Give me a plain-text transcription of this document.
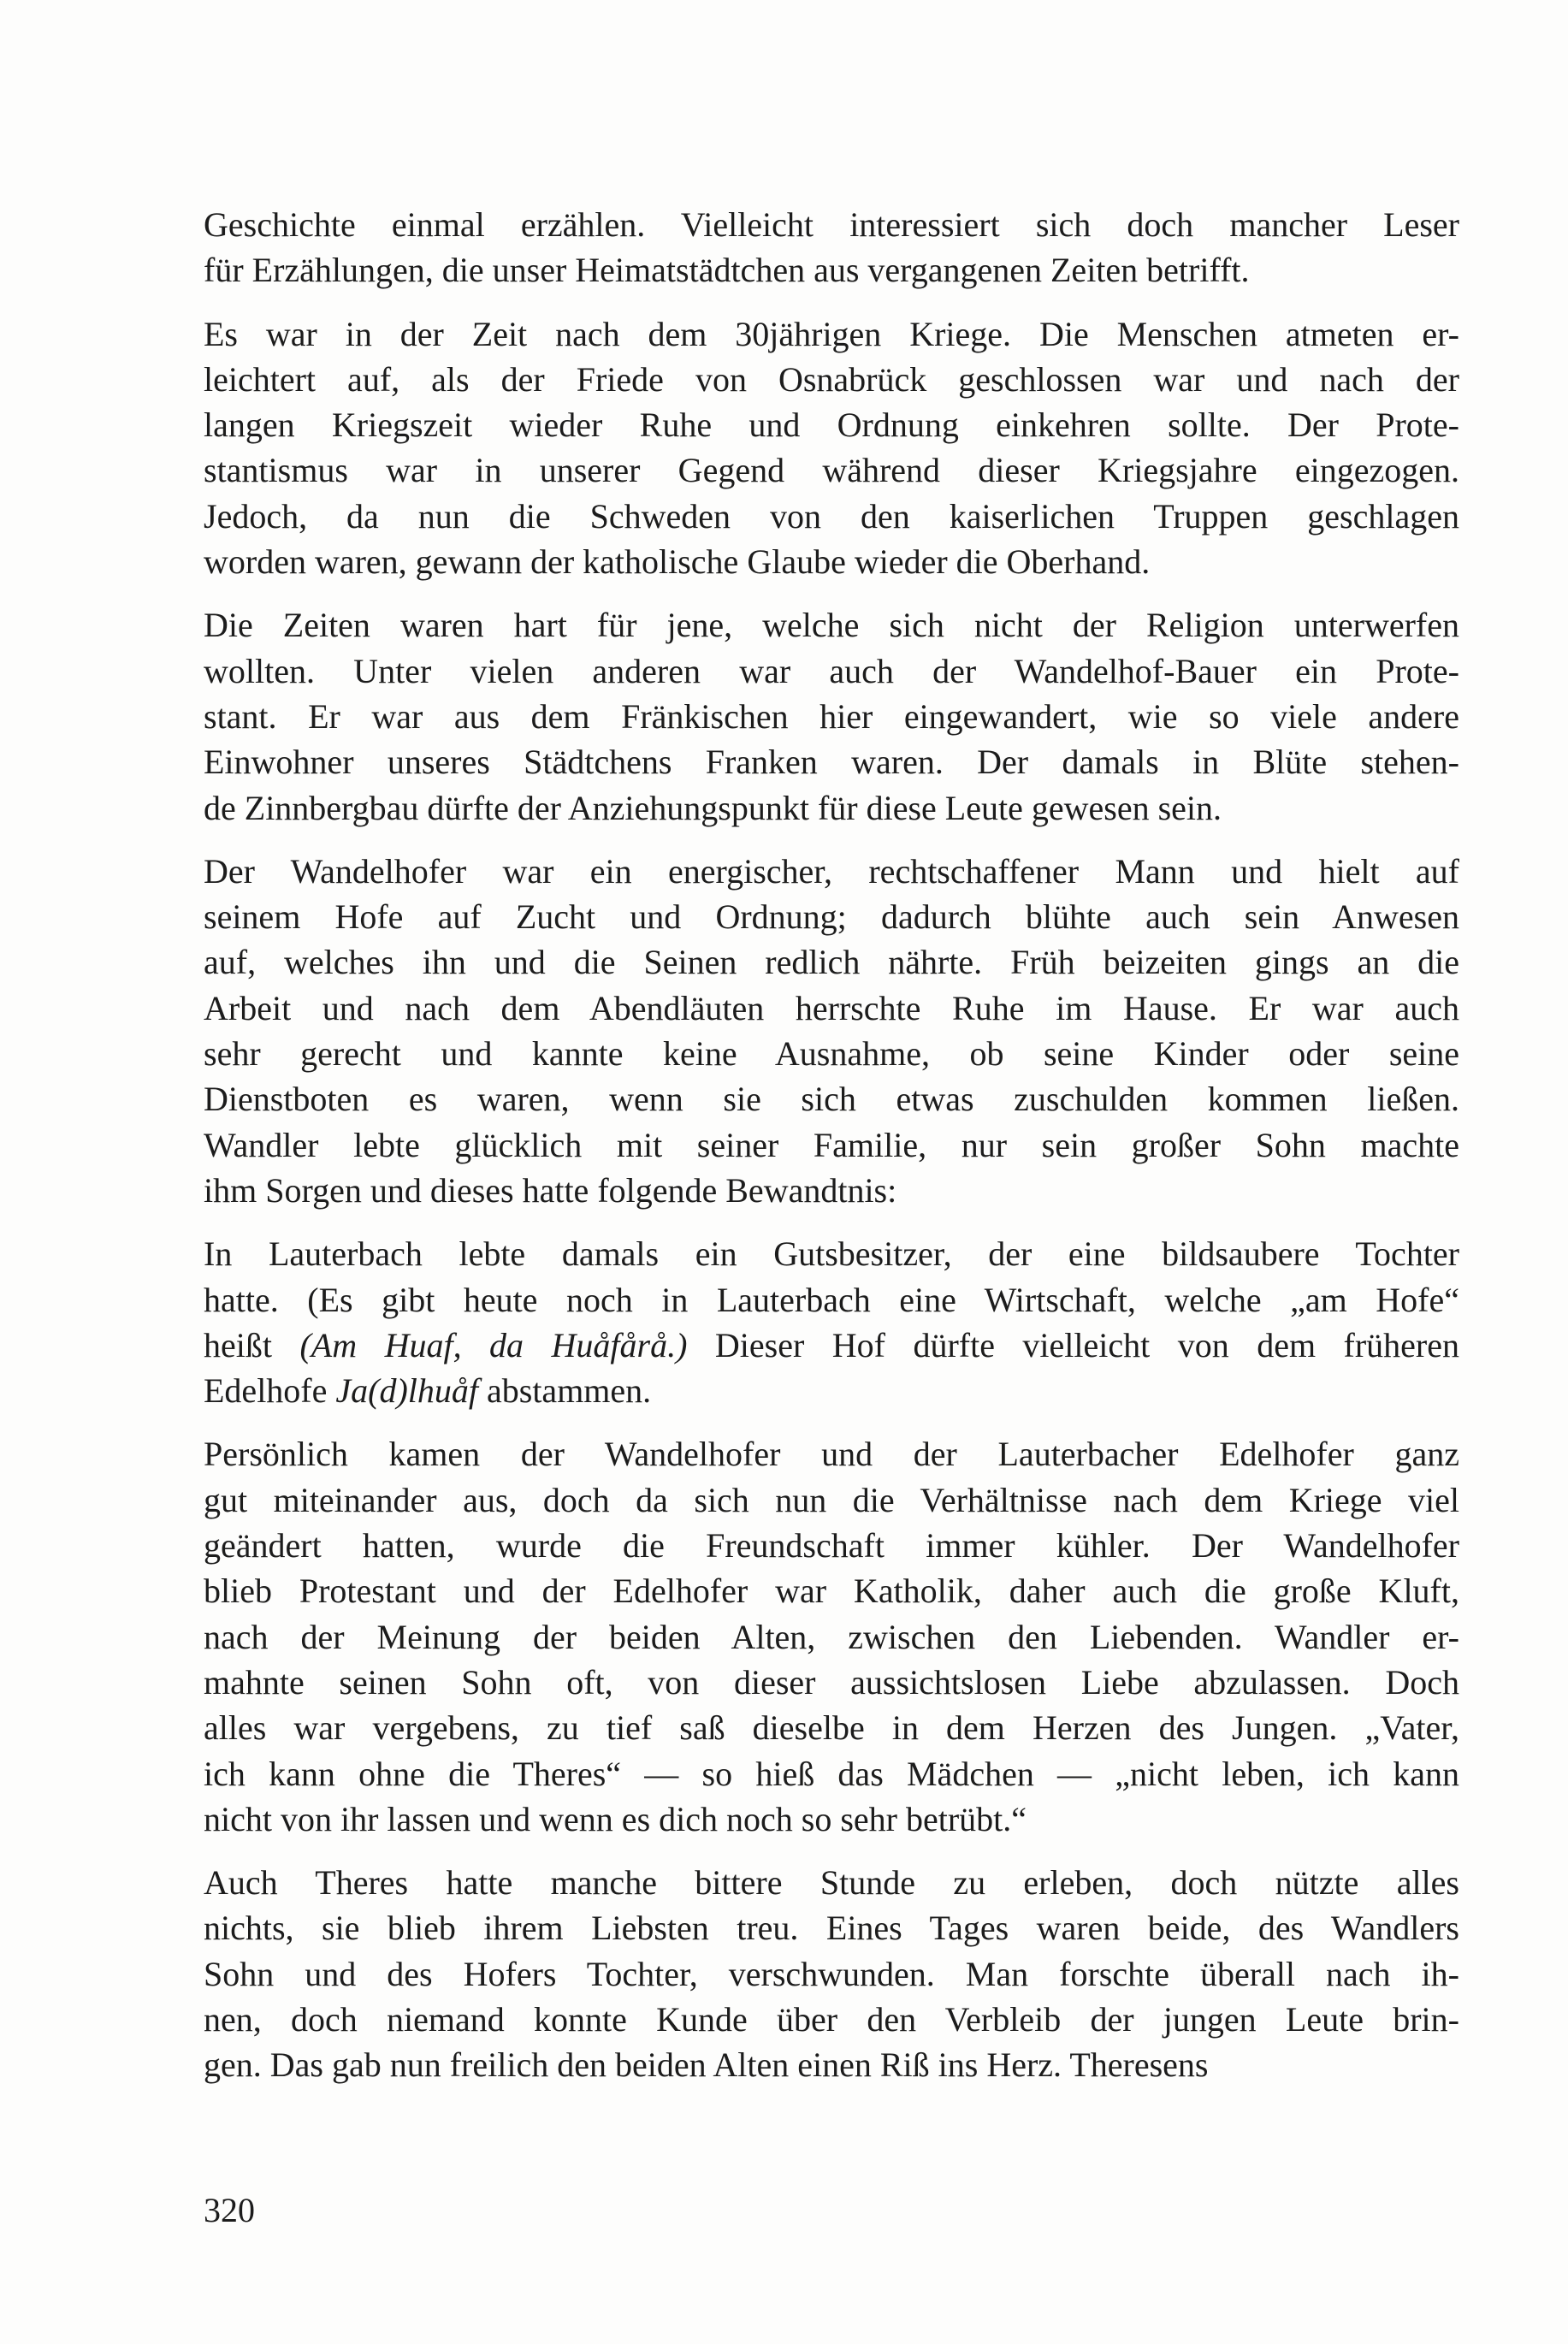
Geschichte einmal erzählen. Vielleicht interessiert sich doch mancher Leser
für Erzählungen, die unser Heimatstädtchen aus vergangenen Zeiten betrifft.
Es war in der Zeit nach dem 30jährigen Kriege. Die Menschen atmeten er-
leichtert auf, als der Friede von Osnabrück geschlossen war und nach der
langen Kriegszeit wieder Ruhe und Ordnung einkehren sollte. Der Prote-
stantismus war in unserer Gegend während dieser Kriegsjahre eingezogen.
Jedoch, da nun die Schweden von den kaiserlichen Truppen geschlagen
worden waren, gewann der katholische Glaube wieder die Oberhand.
Die Zeiten waren hart für jene, welche sich nicht der Religion unterwerfen
wollten. Unter vielen anderen war auch der Wandelhof-Bauer ein Prote-
stant. Er war aus dem Fränkischen hier eingewandert, wie so viele andere
Einwohner unseres Städtchens Franken waren. Der damals in Blüte stehen-
de Zinnbergbau dürfte der Anziehungspunkt für diese Leute gewesen sein.
Der Wandelhofer war ein energischer, rechtschaffener Mann und hielt auf
seinem Hofe auf Zucht und Ordnung; dadurch blühte auch sein Anwesen
auf, welches ihn und die Seinen redlich nährte. Früh beizeiten gings an die
Arbeit und nach dem Abendläuten herrschte Ruhe im Hause. Er war auch
sehr gerecht und kannte keine Ausnahme, ob seine Kinder oder seine
Dienstboten es waren, wenn sie sich etwas zuschulden kommen ließen.
Wandler lebte glücklich mit seiner Familie, nur sein großer Sohn machte
ihm Sorgen und dieses hatte folgende Bewandtnis:
In Lauterbach lebte damals ein Gutsbesitzer, der eine bildsaubere Tochter
hatte. (Es gibt heute noch in Lauterbach eine Wirtschaft, welche „am Hofe“
heißt (Am Huaf, da Huåfårå.) Dieser Hof dürfte vielleicht von dem früheren
Edelhofe Ja(d)lhuåf abstammen.
Persönlich kamen der Wandelhofer und der Lauterbacher Edelhofer ganz
gut miteinander aus, doch da sich nun die Verhältnisse nach dem Kriege viel
geändert hatten, wurde die Freundschaft immer kühler. Der Wandelhofer
blieb Protestant und der Edelhofer war Katholik, daher auch die große Kluft,
nach der Meinung der beiden Alten, zwischen den Liebenden. Wandler er-
mahnte seinen Sohn oft, von dieser aussichtslosen Liebe abzulassen. Doch
alles war vergebens, zu tief saß dieselbe in dem Herzen des Jungen. „Vater,
ich kann ohne die Theres“ — so hieß das Mädchen — „nicht leben, ich kann
nicht von ihr lassen und wenn es dich noch so sehr betrübt.“
Auch Theres hatte manche bittere Stunde zu erleben, doch nützte alles
nichts, sie blieb ihrem Liebsten treu. Eines Tages waren beide, des Wandlers
Sohn und des Hofers Tochter, verschwunden. Man forschte überall nach ih-
nen, doch niemand konnte Kunde über den Verbleib der jungen Leute brin-
gen. Das gab nun freilich den beiden Alten einen Riß ins Herz. Theresens
320
